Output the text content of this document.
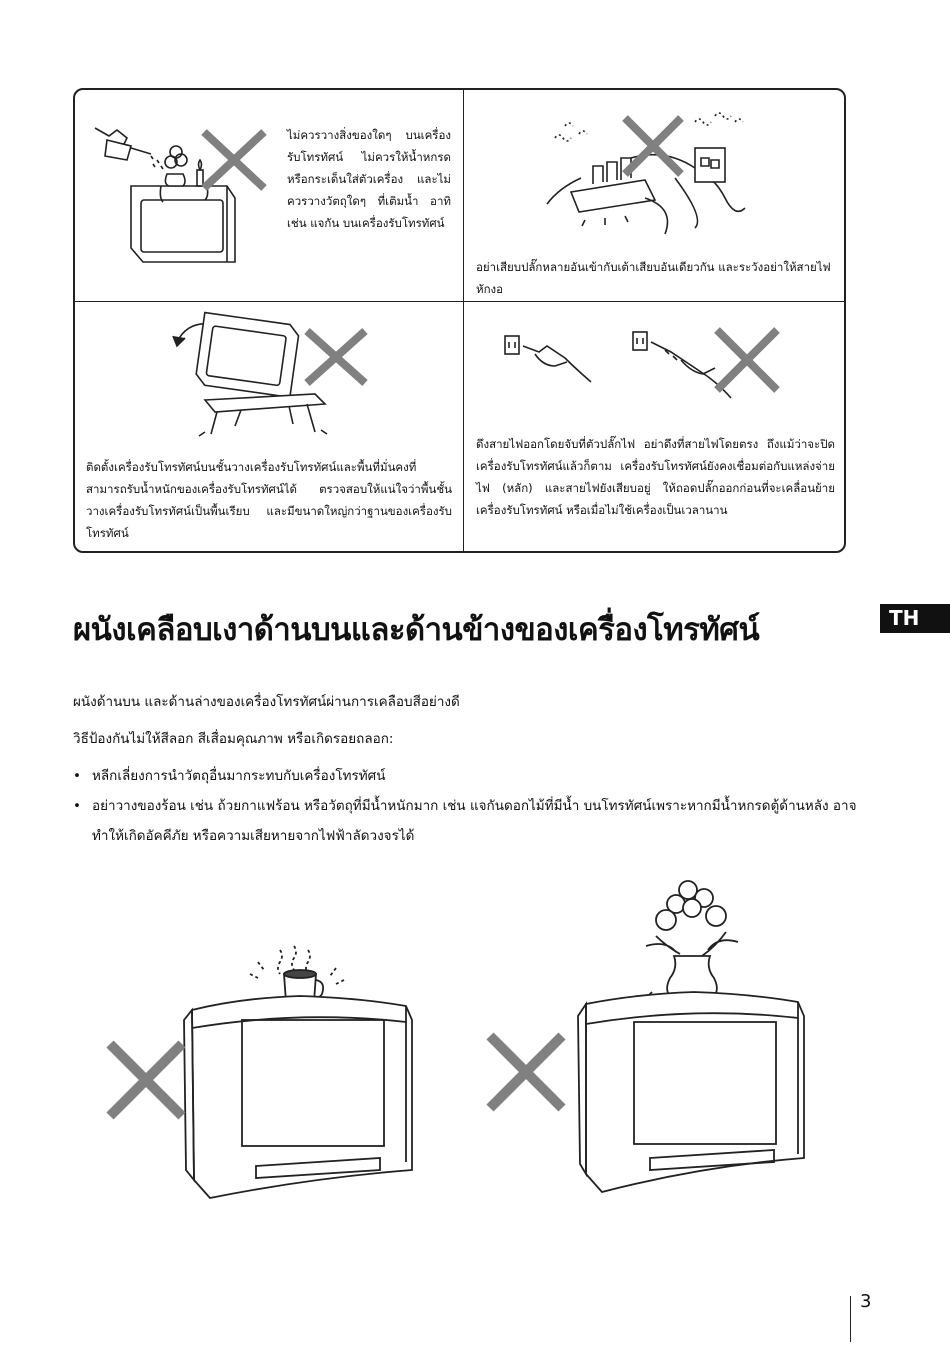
ไม่ควรวางสิ่งของใดๆ บนเครื่องรับโทรทัศน์ ไม่ควรให้น้ำหกรดหรือกระเด็นใส่ตัวเครื่อง และไม่ควรวางวัตถุใดๆ ที่เติมน้ำ อาทิเช่น แจกัน บนเครื่องรับโทรทัศน์
อย่าเสียบปลั๊กหลายอันเข้ากับเต้าเสียบอันเดียวกัน และระวังอย่าให้สายไฟหักงอ
ติดตั้งเครื่องรับโทรทัศน์บนชั้นวางเครื่องรับโทรทัศน์และพื้นที่มั่นคงที่สามารถรับน้ำหนักของเครื่องรับโทรทัศน์ได้ ตรวจสอบให้แน่ใจว่าพื้นชั้นวางเครื่องรับโทรทัศน์เป็นพื้นเรียบ และมีขนาดใหญ่กว่าฐานของเครื่องรับโทรทัศน์
ดึงสายไฟออกโดยจับที่ตัวปลั๊กไฟ อย่าดึงที่สายไฟโดยตรง ถึงแม้ว่าจะปิดเครื่องรับโทรทัศน์แล้วก็ตาม เครื่องรับโทรทัศน์ยังคงเชื่อมต่อกับแหล่งจ่ายไฟ (หลัก) และสายไฟยังเสียบอยู่ ให้ถอดปลั๊กออกก่อนที่จะเคลื่อนย้ายเครื่องรับโทรทัศน์ หรือเมื่อไม่ใช้เครื่องเป็นเวลานาน
ผนังเคลือบเงาด้านบนและด้านข้างของเครื่องโทรทัศน์	TH
ผนังด้านบน และด้านล่างของเครื่องโทรทัศน์ผ่านการเคลือบสีอย่างดี
วิธีป้องกันไม่ให้สีลอก สีเสื่อมคุณภาพ หรือเกิดรอยถลอก:
• หลีกเลี่ยงการนำวัตถุอื่นมากระทบกับเครื่องโทรทัศน์
• อย่าวางของร้อน เช่น ถ้วยกาแฟร้อน หรือวัตถุที่มีน้ำหนักมาก เช่น แจกันดอกไม้ที่มีน้ำ บนโทรทัศน์เพราะหากมีน้ำหกรดตู้ด้านหลัง อาจทำให้เกิดอัคคีภัย หรือความเสียหายจากไฟฟ้าลัดวงจรได้
3
